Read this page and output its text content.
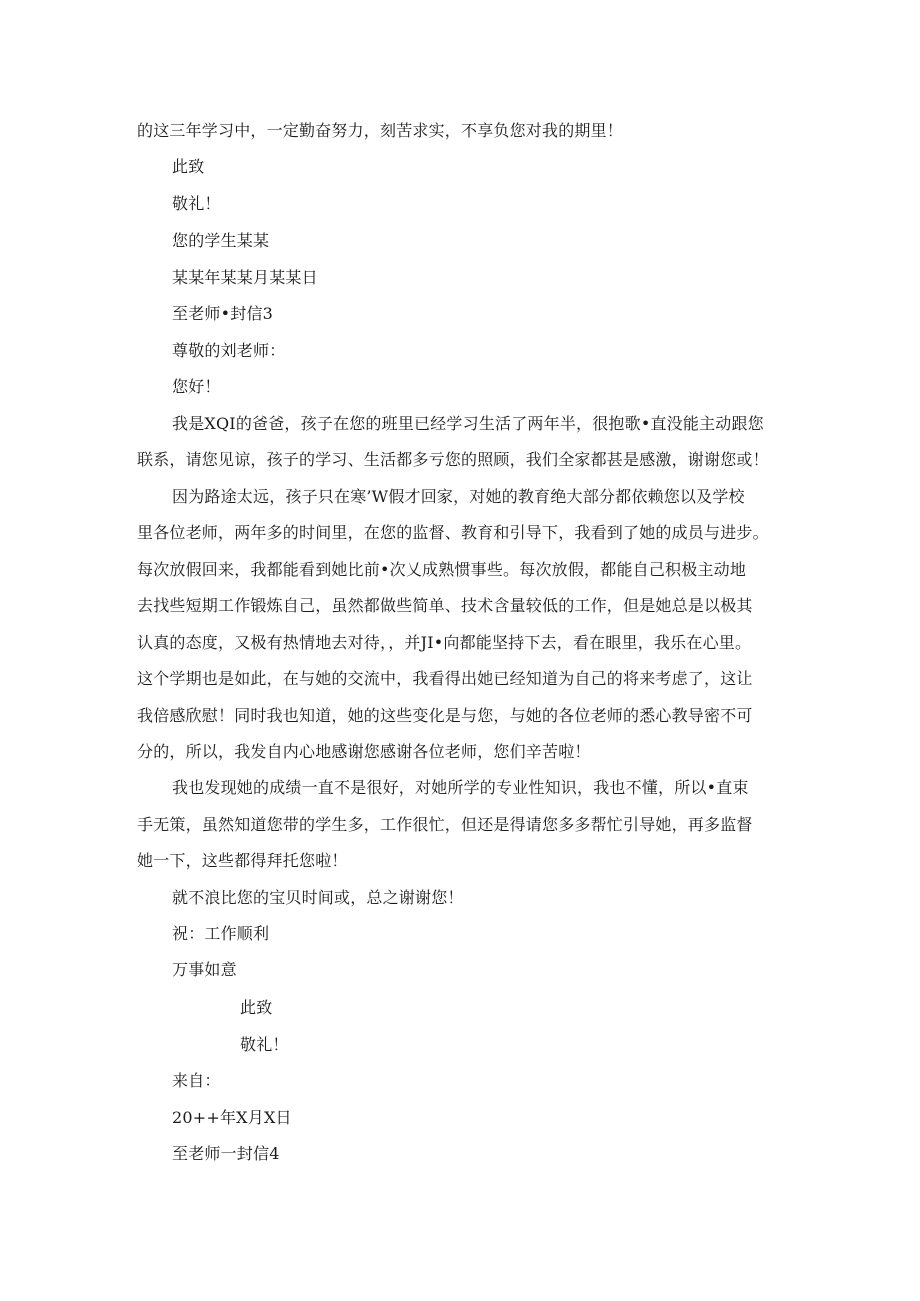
的这三年学习中，一定勤奋努力，刻苦求实，不享负您对我的期里！
此致
敬礼！
您的学生某某
某某年某某月某某日
至老师•封信3
尊敬的刘老师：
您好！
我是XQI的爸爸，孩子在您的班里已经学习生活了两年半，很抱歌•直没能主动跟您
联系，请您见谅，孩子的学习、生活都多亏您的照顾，我们全家都甚是感激，谢谢您或！
因为路途太远，孩子只在寒’W假才回家，对她的教育绝大部分都依赖您以及学校
里各位老师，两年多的时间里，在您的监督、教育和引导下，我看到了她的成员与进步。
每次放假回来，我都能看到她比前•次乂成熟惯事些。每次放假，都能自己积极主动地
去找些短期工作锻炼自己，虽然都做些简单、技术含量较低的工作，但是她总是以极其
认真的态度，又极有热情地去对待，，并JI•向都能坚持下去，看在眼里，我乐在心里。
这个学期也是如此，在与她的交流中，我看得出她已经知道为自己的将来考虑了，这让
我倍感欣慰！同时我也知道，她的这些变化是与您，与她的各位老师的悉心教导密不可
分的，所以，我发自内心地感谢您感谢各位老师，您们辛苦啦！
我也发现她的成绩一直不是很好，对她所学的专业性知识，我也不懂，所以•直束
手无策，虽然知道您带的学生多，工作很忙，但还是得请您多多帮忙引导她，再多监督
她一下，这些都得拜托您啦！
就不浪比您的宝贝时间或，总之谢谢您！
祝：工作顺利
万事如意
此致
敬礼！
来自：
20++年X月X日
至老师一封信4
